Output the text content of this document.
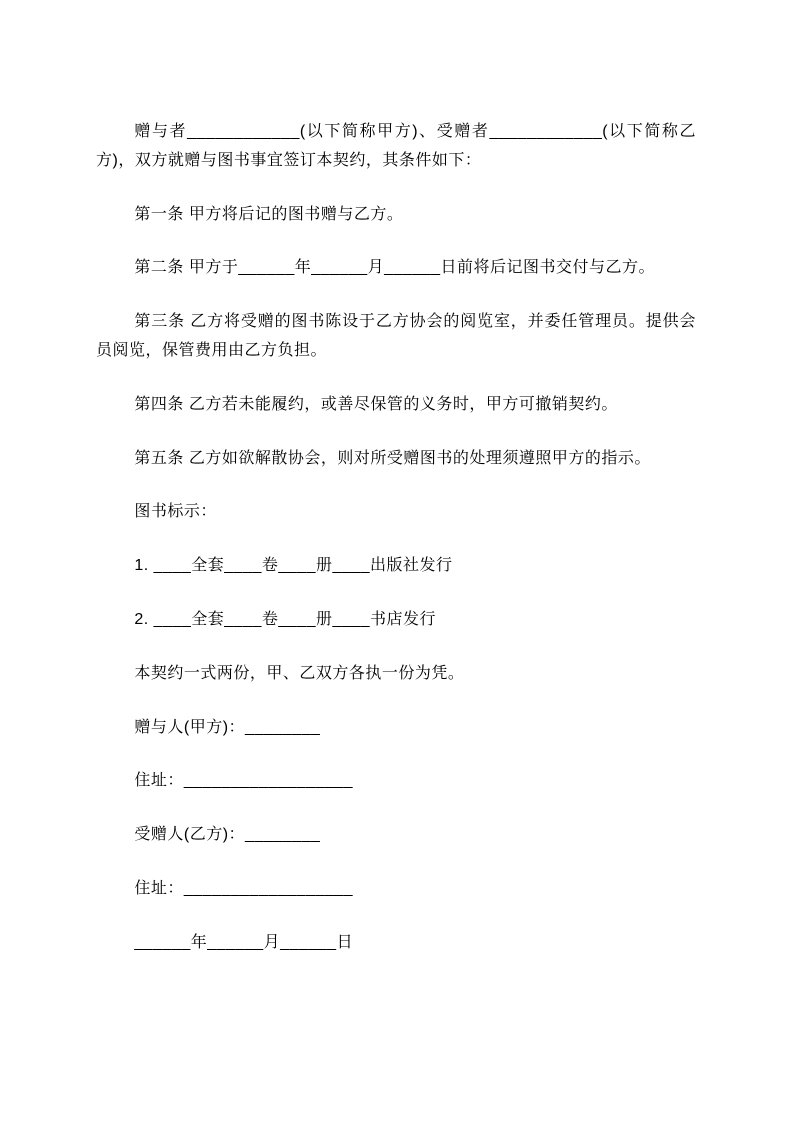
赠与者____________(以下简称甲方)、受赠者____________(以下简称乙方)，双方就赠与图书事宜签订本契约，其条件如下：

第一条 甲方将后记的图书赠与乙方。

第二条 甲方于______年______月______日前将后记图书交付与乙方。

第三条 乙方将受赠的图书陈设于乙方协会的阅览室，并委任管理员。提供会员阅览，保管费用由乙方负担。

第四条 乙方若未能履约，或善尽保管的义务时，甲方可撤销契约。

第五条 乙方如欲解散协会，则对所受赠图书的处理须遵照甲方的指示。

图书标示：

1. ____全套____卷____册____出版社发行

2. ____全套____卷____册____书店发行

本契约一式两份，甲、乙双方各执一份为凭。

赠与人(甲方)：________

住址：__________________

受赠人(乙方)：________

住址：__________________

______年______月______日
